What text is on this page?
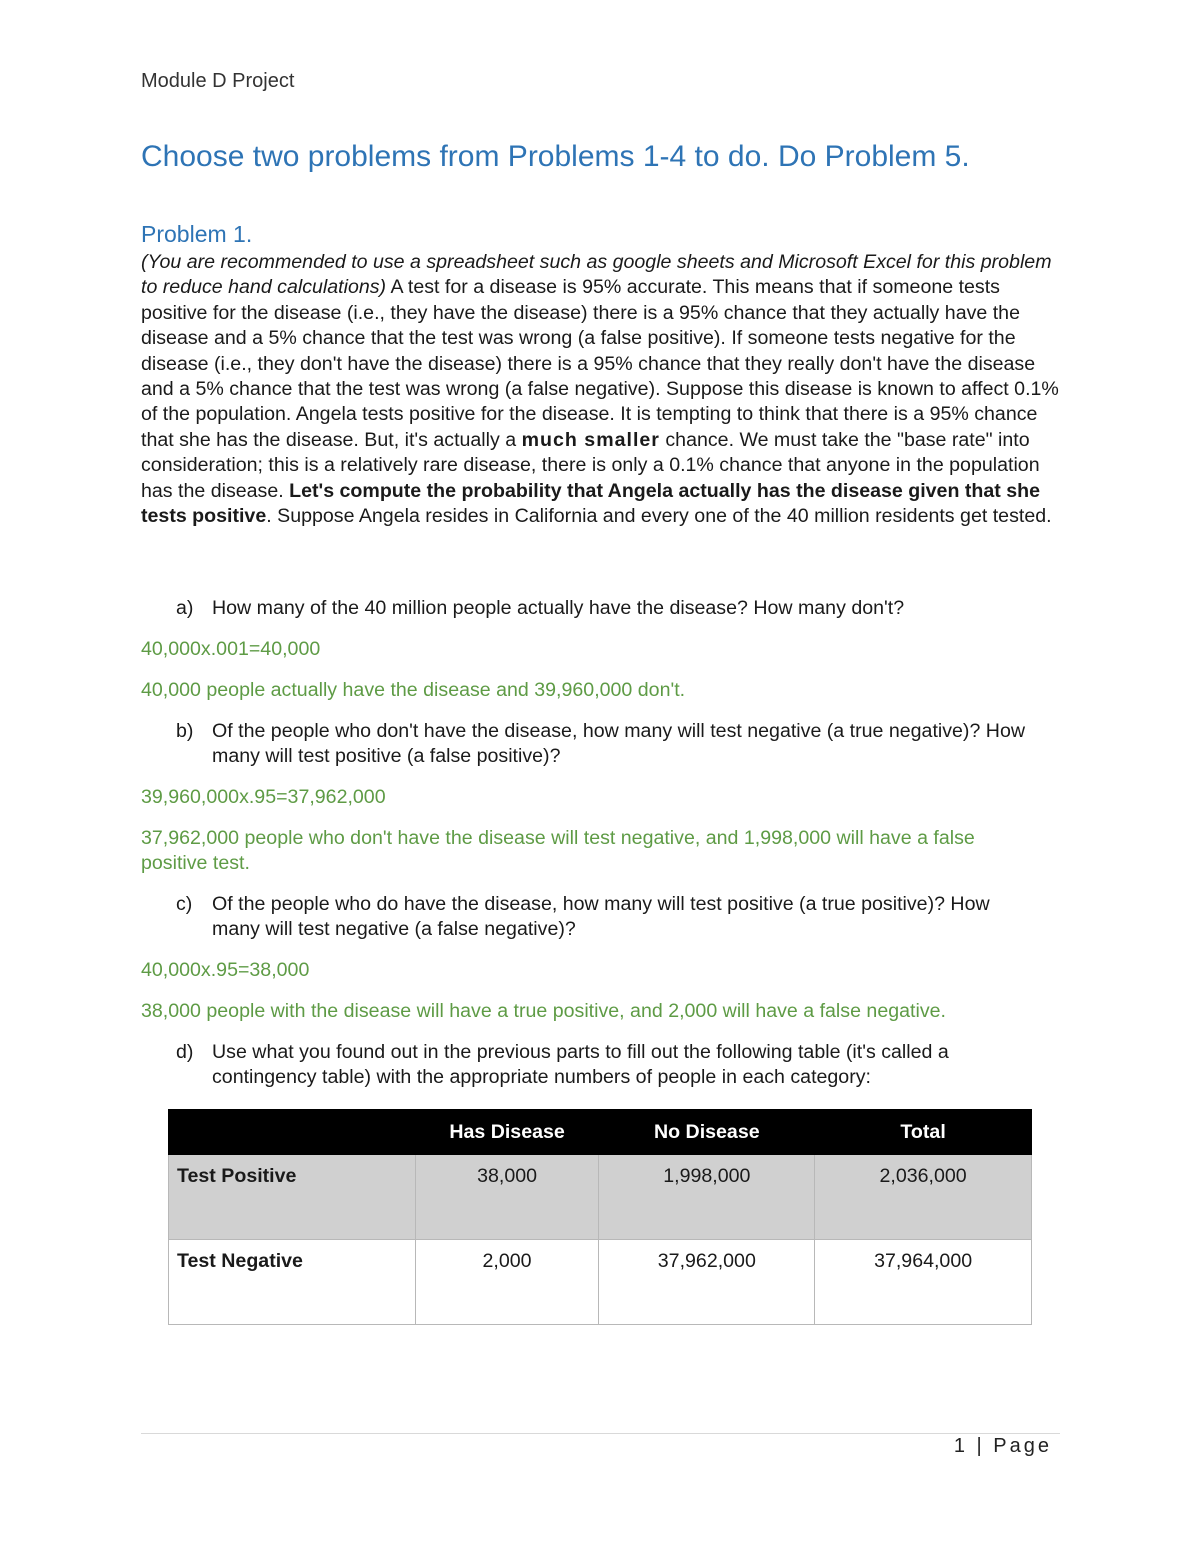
Module D Project
Choose two problems from Problems 1-4 to do. Do Problem 5.
Problem 1.

(You are recommended to use a spreadsheet such as google sheets and Microsoft Excel for this problem to reduce hand calculations) A test for a disease is 95% accurate. This means that if someone tests positive for the disease (i.e., they have the disease) there is a 95% chance that they actually have the disease and a 5% chance that the test was wrong (a false positive). If someone tests negative for the disease (i.e., they don't have the disease) there is a 95% chance that they really don't have the disease and a 5% chance that the test was wrong (a false negative). Suppose this disease is known to affect 0.1% of the population. Angela tests positive for the disease. It is tempting to think that there is a 95% chance that she has the disease. But, it's actually a much smaller chance. We must take the "base rate" into consideration; this is a relatively rare disease, there is only a 0.1% chance that anyone in the population has the disease. Let's compute the probability that Angela actually has the disease given that she tests positive. Suppose Angela resides in California and every one of the 40 million residents get tested.

a) How many of the 40 million people actually have the disease? How many don't?

40,000x.001=40,000

40,000 people actually have the disease and 39,960,000 don't.

b) Of the people who don't have the disease, how many will test negative (a true negative)? How many will test positive (a false positive)?

39,960,000x.95=37,962,000

37,962,000 people who don't have the disease will test negative, and 1,998,000 will have a false positive test.

c) Of the people who do have the disease, how many will test positive (a true positive)? How many will test negative (a false negative)?

40,000x.95=38,000

38,000 people with the disease will have a true positive, and 2,000 will have a false negative.

d) Use what you found out in the previous parts to fill out the following table (it's called a contingency table) with the appropriate numbers of people in each category:

	Has Disease	No Disease	Total
Test Positive	38,000	1,998,000	2,036,000
Test Negative	2,000	37,962,000	37,964,000
1 | Page
